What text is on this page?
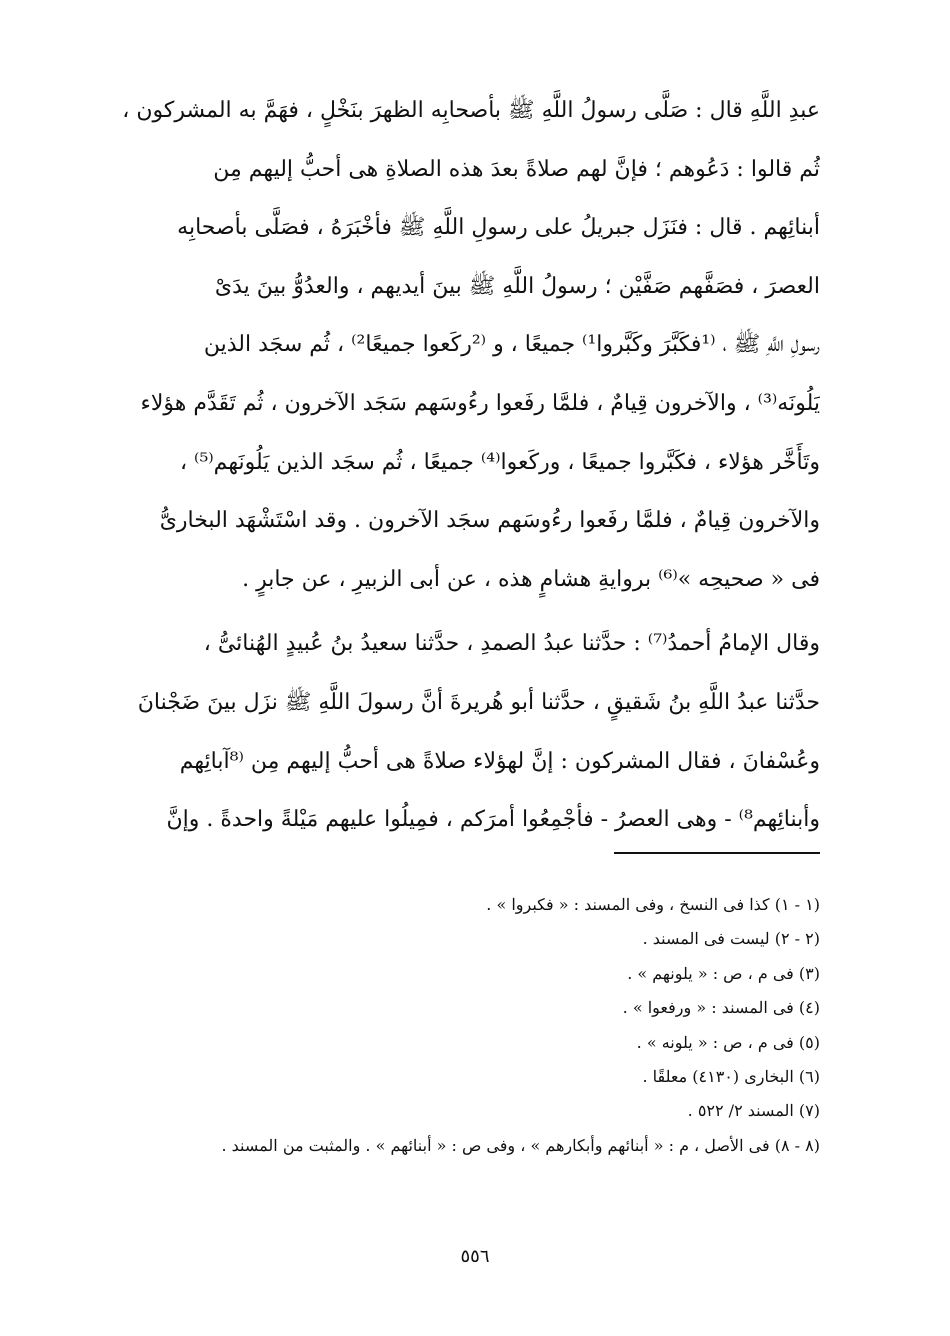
عبدِ اللَّهِ قال : صَلَّى رسولُ اللَّهِ ﷺ بأصحابِه الظهرَ بنَخْلٍ ، فهَمَّ به المشركون ،
ثُم قالوا : دَعُوهم ؛ فإنَّ لهم صلاةً بعدَ هذه الصلاةِ هى أحبُّ إليهم مِن
أبنائِهم . قال : فنَزَل جبريلُ على رسولِ اللَّهِ ﷺ فأخْبَرَهُ ، فصَلَّى بأصحابِه
العصرَ ، فصَفَّهم صَفَّيْن ؛ رسولُ اللَّهِ ﷺ بينَ أيديهم ، والعدُوُّ بينَ يدَىْ
رسولِ اللَّهِ ﷺ ، ⁽¹فكَبَّرَ وكَبَّروا¹⁾ جميعًا ، و ⁽²ركَعوا جميعًا²⁾ ، ثُم سجَد الذين
يَلُونَه⁽³⁾ ، والآخرون قِيامٌ ، فلمَّا رفَعوا رءُوسَهم سَجَد الآخرون ، ثُم تَقَدَّم هؤلاء
وتَأَخَّر هؤلاء ، فكَبَّروا جميعًا ، وركَعوا⁽⁴⁾ جميعًا ، ثُم سجَد الذين يَلُونَهم⁽⁵⁾ ،
والآخرون قِيامٌ ، فلمَّا رفَعوا رءُوسَهم سجَد الآخرون . وقد اسْتَشْهَد البخارىُّ
فى « صحيحِه »⁽⁶⁾ بروايةِ هشامٍ هذه ، عن أبى الزبيرِ ، عن جابرٍ .
وقال الإمامُ أحمدُ⁽⁷⁾ : حدَّثنا عبدُ الصمدِ ، حدَّثنا سعيدُ بنُ عُبيدٍ الهُنائىُّ ،
حدَّثنا عبدُ اللَّهِ بنُ شَقيقٍ ، حدَّثنا أبو هُريرةَ أنَّ رسولَ اللَّهِ ﷺ نزَل بينَ ضَجْنانَ
وعُسْفانَ ، فقال المشركون : إنَّ لهؤلاء صلاةً هى أحبُّ إليهم مِن ⁽⁸آبائِهم
وأبنائِهم⁸⁾ - وهى العصرُ - فأجْمِعُوا أمرَكم ، فمِيلُوا عليهم مَيْلةً واحدةً . وإنَّ
(١ - ١) كذا فى النسخ ، وفى المسند : « فكبروا » .
(٢ - ٢) ليست فى المسند .
(٣) فى م ، ص : « يلونهم » .
(٤) فى المسند : « ورفعوا » .
(٥) فى م ، ص : « يلونه » .
(٦) البخارى (٤١٣٠) معلقًا .
(٧) المسند ٢/ ٥٢٢ .
(٨ - ٨) فى الأصل ، م : « أبنائهم وأبكارهم » ، وفى ص : « أبنائهم » . والمثبت من المسند .
٥٥٦
